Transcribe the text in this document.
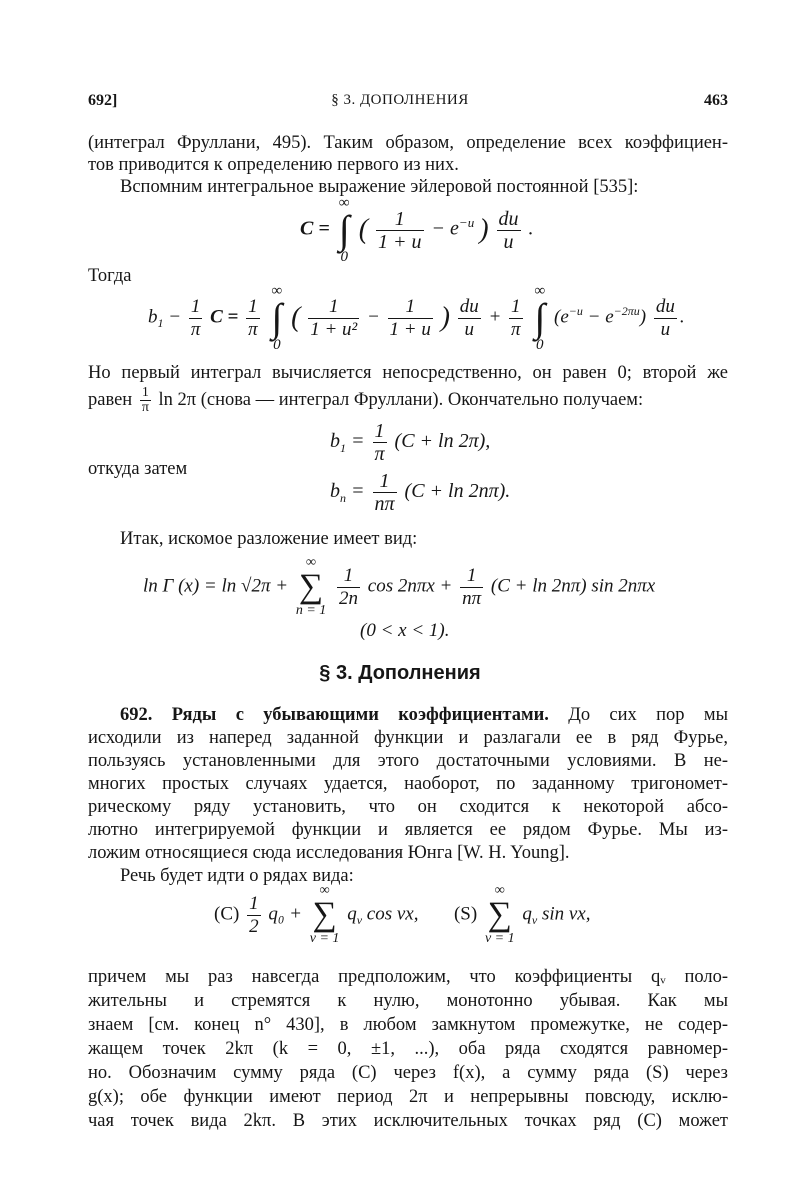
692]	§ 3. ДОПОЛНЕНИЯ	463
(интеграл Фруллани, 495). Таким образом, определение всех коэффициен-
тов приводится к определению первого из них.
Вспомним интегральное выражение эйлеровой постоянной [535]:
C =
∞
∫
0
( $\frac{1}{1 + u} - e^{-u}$ ) $\frac{du}{u}$ .
Тогда
$b_1 - \frac{1}{\pi}$ $C = \frac{1}{\pi}$

∞
∫
0
( $\frac{1}{\text{1 + u²}} - \frac{1}{1 + u}$ ) $\frac{du}{u} + \frac{1}{\pi}$

∞
∫
0
$(e^{-u} - e^{-2\pi u}) \frac{du}{u}$ .
Но первый интеграл вычисляется непосредственно, он равен 0; второй же
равен $\frac{1}{\pi}$ ln 2π (снова — интеграл Фруллани). Окончательно получаем:
$b_1 = \frac{1}{\pi} (C + \ln 2\pi)$,
откуда затем
$b_n = \frac{1}{n\pi} (C + \ln 2n\pi)$.
Итак, искомое разложение имеет вид:
ln Γ (x) = ln √2π +
∞
∑
n = 1

$\frac{1}{2n}$ $\cos 2n\pi x + \frac{1}{n\pi} (C + \ln 2n\pi)$ sin 2nπx
(0 < x < 1).
§ 3. Дополнения
692. Ряды с убывающими коэффициентами. До сих пор мы
исходили из наперед заданной функции и разлагали ее в ряд Фурье,
пользуясь установленными для этого достаточными условиями. В не-
многих простых случаях удается, наоборот, по заданному тригономет-
рическому ряду установить, что он сходится к некоторой абсо-
лютно интегрируемой функции и является ее рядом Фурье. Мы из-
ложим относящиеся сюда исследования Юнга [W. H. Young].
Речь будет идти о рядах вида:
$(C) \frac{1}{2} q_0$ +
∞
∑
ν = 1
$q_\nu$ cos νx, (S)
∞
∑
ν = 1
$q_\nu$ sin νx,
причем мы раз навсегда предположим, что коэффициенты qᵥ поло-
жительны и стремятся к нулю, монотонно убывая. Как мы
знаем [см. конец n° 430], в любом замкнутом промежутке, не содер-
жащем точек 2kπ (k = 0, ±1, ...), оба ряда сходятся равномер-
но. Обозначим сумму ряда (C) через f(x), а сумму ряда (S) через
g(x); обе функции имеют период 2π и непрерывны повсюду, исклю-
чая точек вида 2kπ. В этих исключительных точках ряд (C) может
